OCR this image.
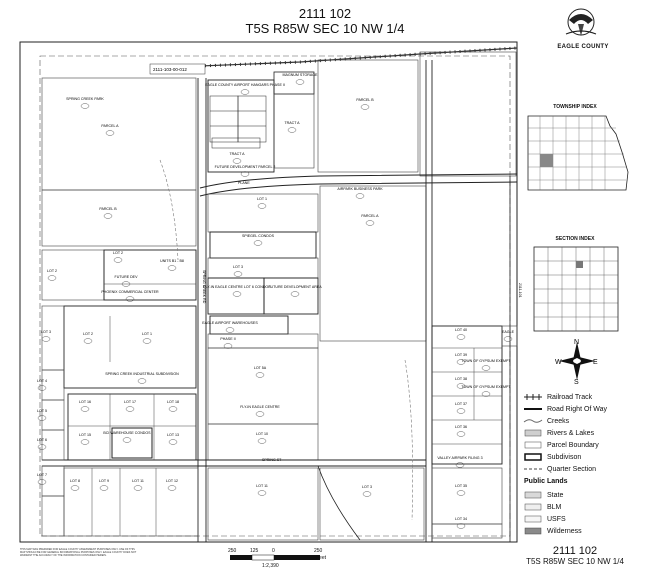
2111 102
T5S R85W SEC 10 NW 1/4
EAGLE COUNTY
2111-103-00-012
SPRING CREEK PARK
PARCEL A
PARCEL B
EAGLE COUNTY AIRPORT HANGARS PHASE II
MAGNUM STORAGE
PARCEL B
TRACT A
TRACT A
FUTURE DEVELOPMENT PARCEL 2
AIRPARK BUSINESS PARK
PARCEL A
LOT 1
SPIEGEL CONDOS
LOT 3
FLY-IN EAGLE CENTRE LOT 6 CONDOS
FUTURE DEVELOPMENT AREA
EAGLE AIRPORT WAREHOUSES
PHASE II
LOT 5A
FLY-IN EAGLE CENTRE
LOT 10
LOT 11	LOT 3
LOT 2
LOT 2
FUTURE DEV
UNITS B1 - B8
PHOENIX COMMERCIAL CENTER
LOT 3	LOT 2	LOT 1
SPRING CREEK INDUSTRIAL SUBDIVISION
LOT 4
LOT 5
LOT 6
LOT 7
LOT 16	LOT 17	LOT 18
LOT 15	BCI WAREHOUSE CONDOS	LOT 13
LOT 8	LOT 9	LOT 11	LOT 12
LOT 40
LOT 39
LOT 38
LOT 37
LOT 36
TOWN OF GYPSUM EXEMPT
TOWN OF GYPSUM EXEMPT
VALLEY AIRPARK FILING 3
LOT 35
LOT 34
EAGLE
PLANE
SPRING CREEK RD
SPRING ST
2111-101
TOWNSHIP INDEX
SECTION INDEX
N
S
W	E
Railroad Track
Road Right Of Way
Creeks
Rivers & Lakes
Parcel Boundary
Subdivison
Quarter Section
Public Lands
State
BLM
USFS
Wilderness
THIS MAP WAS PREPARED FOR EAGLE COUNTY ASSESSMENT PURPOSES ONLY. USE OF THIS MAP SHOULD BE FOR GENERAL INFORMATIONAL PURPOSES ONLY. EAGLE COUNTY DOES NOT WARRANT THE ACCURACY OF THE INFORMATION CONTAINED HEREIN.
250	125	0	250
Feet
1:2,390
2111 102
T5S R85W SEC 10 NW 1/4
